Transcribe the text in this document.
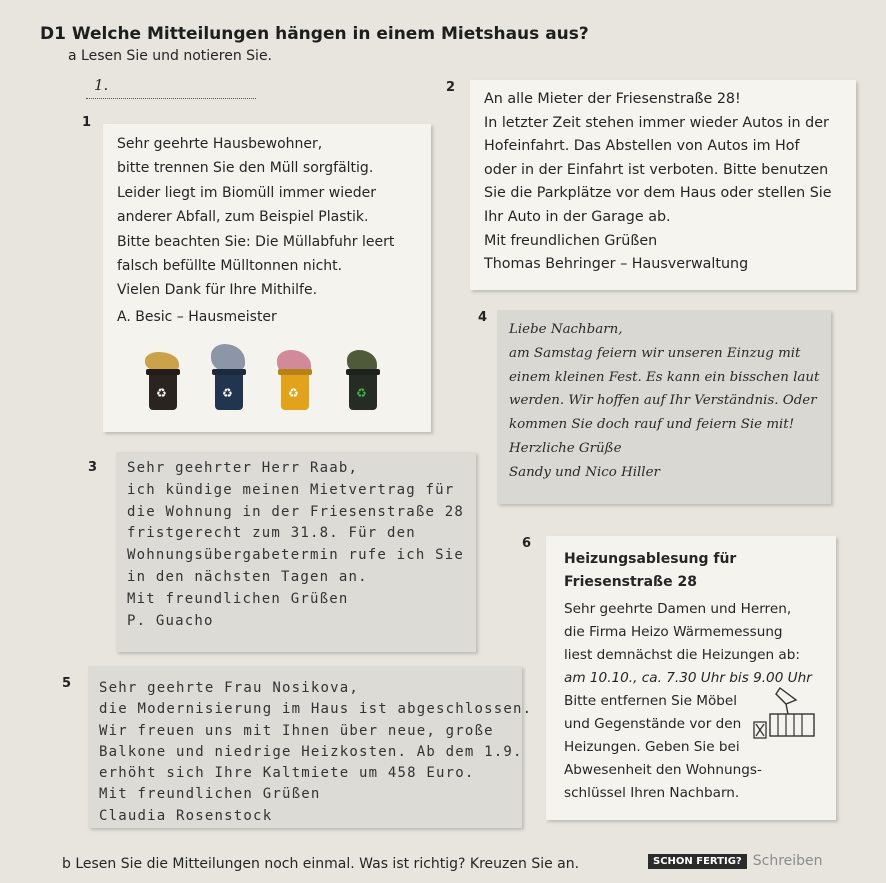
D1 Welche Mitteilungen hängen in einem Mietshaus aus?
a Lesen Sie und notieren Sie.
1.
1
Sehr geehrte Hausbewohner,
bitte trennen Sie den Müll sorgfältig.
Leider liegt im Biomüll immer wieder
anderer Abfall, zum Beispiel Plastik.
Bitte beachten Sie: Die Müllabfuhr leert
falsch befüllte Mülltonnen nicht.
Vielen Dank für Ihre Mithilfe.
A. Besic – Hausmeister
♻	♻	♻	♻
2
An alle Mieter der Friesenstraße 28!
In letzter Zeit stehen immer wieder Autos in der
Hofeinfahrt. Das Abstellen von Autos im Hof
oder in der Einfahrt ist verboten. Bitte benutzen
Sie die Parkplätze vor dem Haus oder stellen Sie
Ihr Auto in der Garage ab.
Mit freundlichen Grüßen
Thomas Behringer – Hausverwaltung
4
Liebe Nachbarn,
am Samstag feiern wir unseren Einzug mit
einem kleinen Fest. Es kann ein bisschen laut
werden. Wir hoffen auf Ihr Verständnis. Oder
kommen Sie doch rauf und feiern Sie mit!
Herzliche Grüße
Sandy und Nico Hiller
3 Sehr geehrter Herr Raab,
ich kündige meinen Mietvertrag für
die Wohnung in der Friesenstraße 28
fristgerecht zum 31.8. Für den
Wohnungsübergabetermin rufe ich Sie
in den nächsten Tagen an.
Mit freundlichen Grüßen
P. Guacho
6
Heizungsablesung für
Friesenstraße 28
Sehr geehrte Damen und Herren,
die Firma Heizo Wärmemessung
liest demnächst die Heizungen ab:
am 10.10., ca. 7.30 Uhr bis 9.00 Uhr
Bitte entfernen Sie Möbel
und Gegenstände vor den
Heizungen. Geben Sie bei
Abwesenheit den Wohnungs-
schlüssel Ihren Nachbarn.
5 Sehr geehrte Frau Nosikova,
die Modernisierung im Haus ist abgeschlossen.
Wir freuen uns mit Ihnen über neue, große
Balkone und niedrige Heizkosten. Ab dem 1.9.
erhöht sich Ihre Kaltmiete um 458 Euro.
Mit freundlichen Grüßen
Claudia Rosenstock
b Lesen Sie die Mitteilungen noch einmal. Was ist richtig? Kreuzen Sie an.	SCHON FERTIG? Schreiben
